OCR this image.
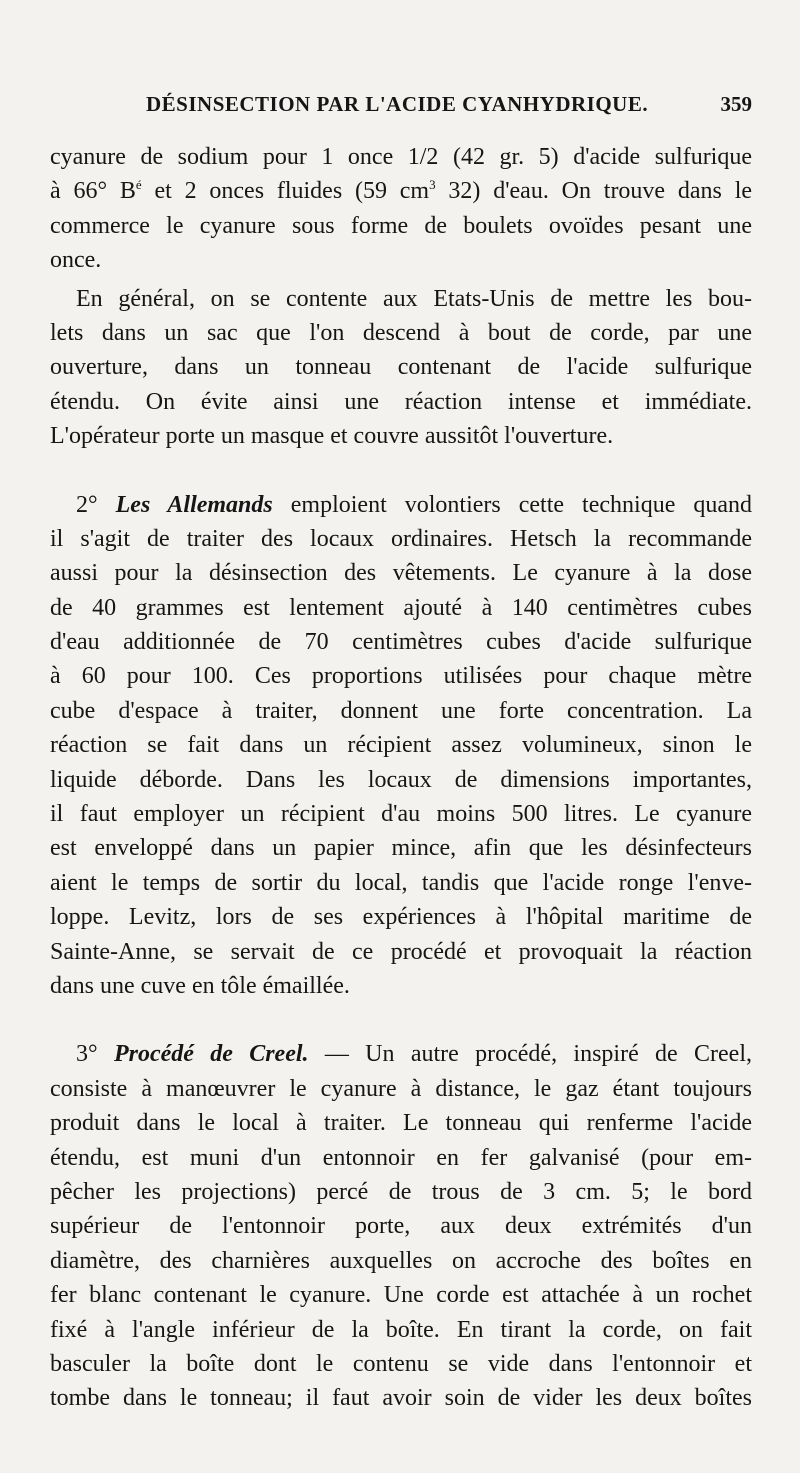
DÉSINSECTION PAR L'ACIDE CYANHYDRIQUE.	359
cyanure de sodium pour 1 once 1/2 (42 gr. 5) d'acide sulfurique
à 66° $B^é$ et 2 onces fluides (59 $cm^3$ 32) d'eau. On trouve dans le
commerce le cyanure sous forme de boulets ovoïdes pesant une
once.
En général, on se contente aux Etats-Unis de mettre les bou-
lets dans un sac que l'on descend à bout de corde, par une
ouverture, dans un tonneau contenant de l'acide sulfurique
étendu. On évite ainsi une réaction intense et immédiate.
L'opérateur porte un masque et couvre aussitôt l'ouverture.
2° Les Allemands emploient volontiers cette technique quand
il s'agit de traiter des locaux ordinaires. Hetsch la recommande
aussi pour la désinsection des vêtements. Le cyanure à la dose
de 40 grammes est lentement ajouté à 140 centimètres cubes
d'eau additionnée de 70 centimètres cubes d'acide sulfurique
à 60 pour 100. Ces proportions utilisées pour chaque mètre
cube d'espace à traiter, donnent une forte concentration. La
réaction se fait dans un récipient assez volumineux, sinon le
liquide déborde. Dans les locaux de dimensions importantes,
il faut employer un récipient d'au moins 500 litres. Le cyanure
est enveloppé dans un papier mince, afin que les désinfecteurs
aient le temps de sortir du local, tandis que l'acide ronge l'enve-
loppe. Levitz, lors de ses expériences à l'hôpital maritime de
Sainte-Anne, se servait de ce procédé et provoquait la réaction
dans une cuve en tôle émaillée.
3° Procédé de Creel. — Un autre procédé, inspiré de Creel,
consiste à manœuvrer le cyanure à distance, le gaz étant toujours
produit dans le local à traiter. Le tonneau qui renferme l'acide
étendu, est muni d'un entonnoir en fer galvanisé (pour em-
pêcher les projections) percé de trous de 3 cm. 5; le bord
supérieur de l'entonnoir porte, aux deux extrémités d'un
diamètre, des charnières auxquelles on accroche des boîtes en
fer blanc contenant le cyanure. Une corde est attachée à un rochet
fixé à l'angle inférieur de la boîte. En tirant la corde, on fait
basculer la boîte dont le contenu se vide dans l'entonnoir et
tombe dans le tonneau; il faut avoir soin de vider les deux boîtes
